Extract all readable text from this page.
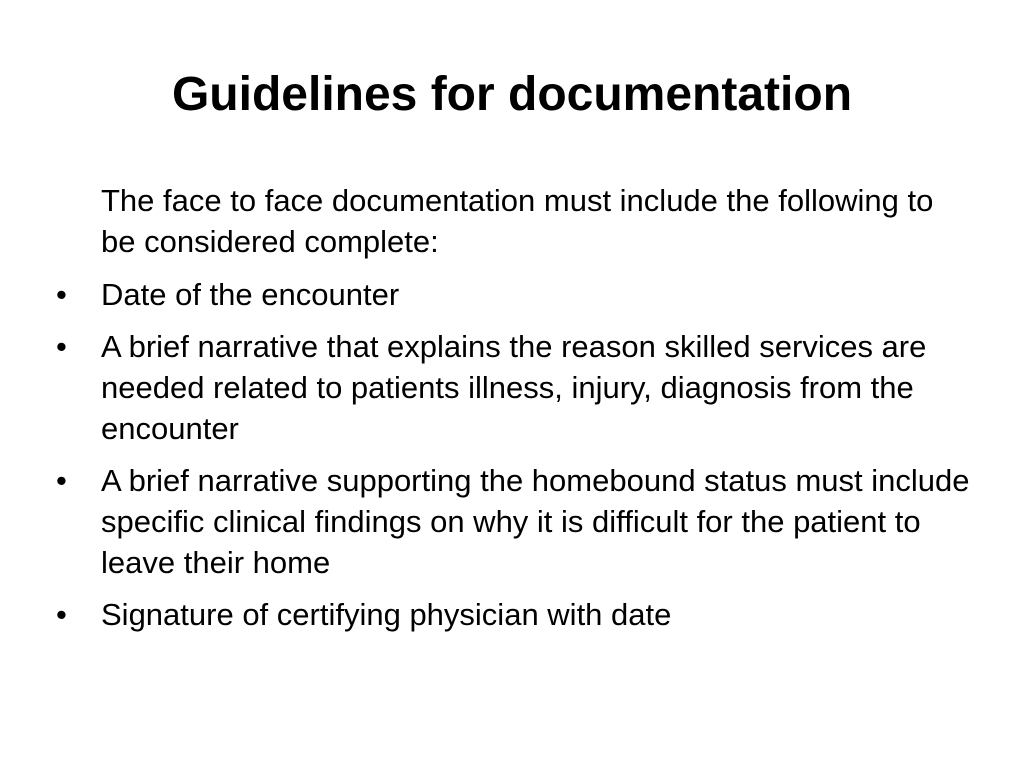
Guidelines for documentation

The face to face documentation must include the following to be considered complete:

•	Date of the encounter
•	A brief narrative that explains the reason skilled services are needed related to patients illness, injury, diagnosis from the encounter
•	A brief narrative supporting the homebound status must include specific clinical findings on why it is difficult for the patient to leave their home
•	Signature of certifying physician with date
